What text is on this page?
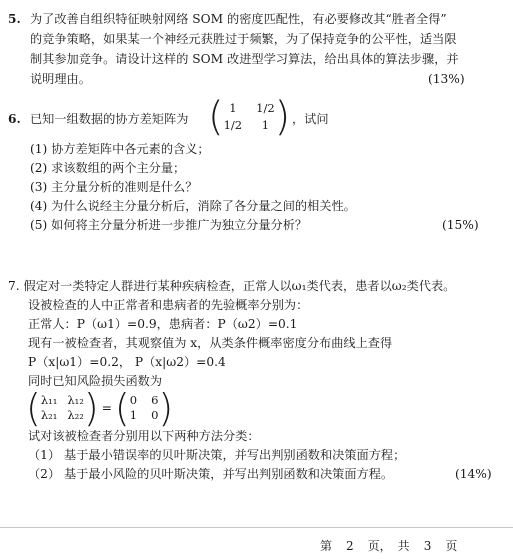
5. 为了改善自组织特征映射网络 SOM 的密度匹配性，有必要修改其“胜者全得”
的竞争策略，如果某一个神经元获胜过于频繁，为了保持竞争的公平性，适当限
制其参加竞争。请设计这样的 SOM 改进型学习算法，给出具体的算法步骤，并
说明理由。	(13%)
6. 已知一组数据的协方差矩阵为 ( 1	1/2
1/2	1 ) ，试问
(1) 协方差矩阵中各元素的含义；
(2) 求该数组的两个主分量；
(3) 主分量分析的准则是什么？
(4) 为什么说经主分量分析后，消除了各分量之间的相关性。
(5) 如何将主分量分析进一步推广为独立分量分析？	(15%)
7. 假定对一类特定人群进行某种疾病检查，正常人以ω₁类代表，患者以ω₂类代表。
设被检查的人中正常者和患病者的先验概率分别为：
正常人：P（ω1）=0.9，患病者：P（ω2）=0.1
现有一被检查者，其观察值为 x，从类条件概率密度分布曲线上查得
P（x|ω1）=0.2， P（x|ω2）=0.4
同时已知风险损失函数为
( λ₁₁ λ₁₂
λ₂₁ λ₂₂ ) = ( 0 6
1 0 )
试对该被检查者分别用以下两种方法分类：
（1） 基于最小错误率的贝叶斯决策，并写出判别函数和决策面方程；
（2） 基于最小风险的贝叶斯决策，并写出判别函数和决策面方程。	(14%)
第 2 页， 共 3 页
